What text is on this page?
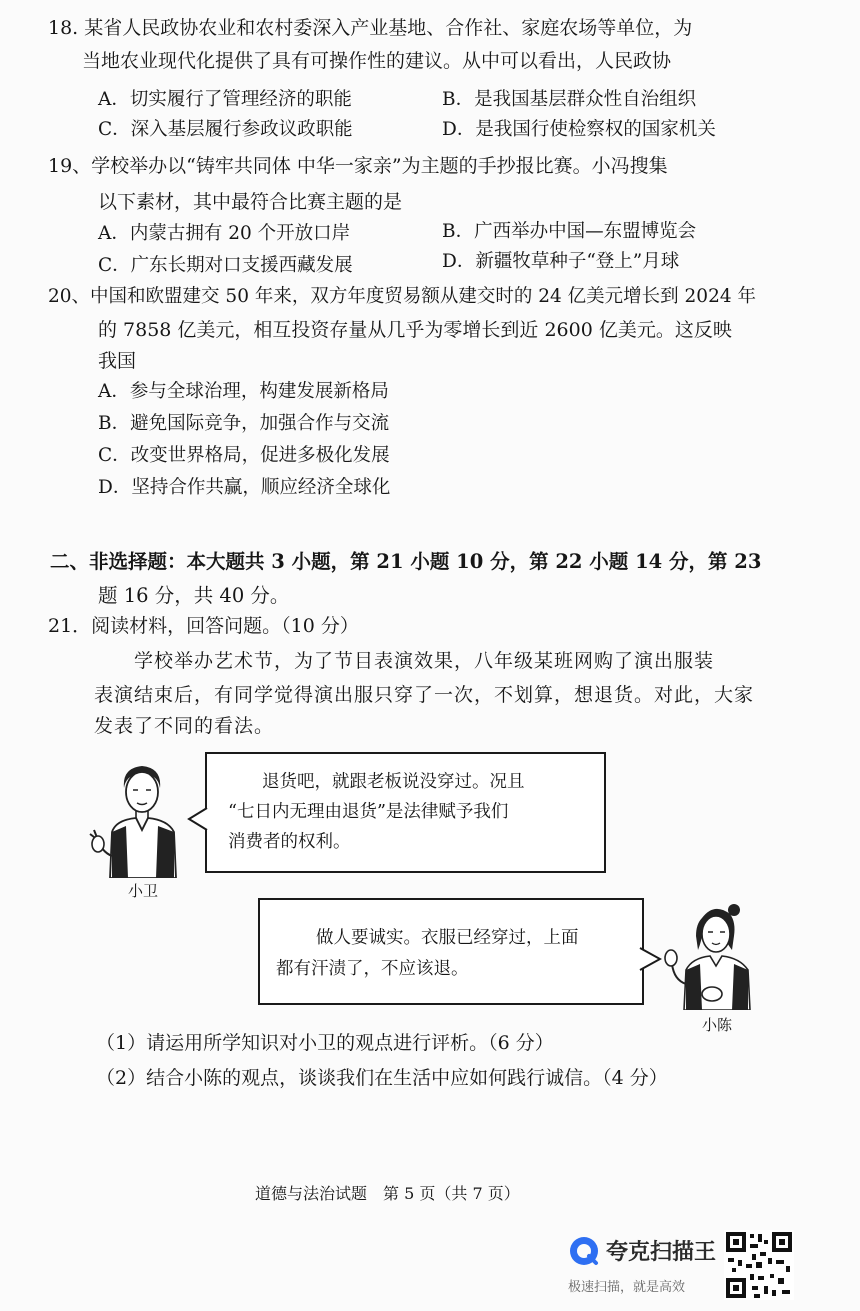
18. 某省人民政协农业和农村委深入产业基地、合作社、家庭农场等单位，为
当地农业现代化提供了具有可操作性的建议。从中可以看出，人民政协
A．切实履行了管理经济的职能	B．是我国基层群众性自治组织
C．深入基层履行参政议政职能	D．是我国行使检察权的国家机关
19、学校举办以“铸牢共同体 中华一家亲”为主题的手抄报比赛。小冯搜集
以下素材，其中最符合比赛主题的是
A．内蒙古拥有 20 个开放口岸	B．广西举办中国—东盟博览会
C．广东长期对口支援西藏发展	D．新疆牧草种子“登上”月球
20、中国和欧盟建交 50 年来，双方年度贸易额从建交时的 24 亿美元增长到 2024 年
的 7858 亿美元，相互投资存量从几乎为零增长到近 2600 亿美元。这反映
我国
A．参与全球治理，构建发展新格局
B．避免国际竞争，加强合作与交流
C．改变世界格局，促进多极化发展
D．坚持合作共赢，顺应经济全球化
二、非选择题：本大题共 3 小题，第 21 小题 10 分，第 22 小题 14 分，第 23
题 16 分，共 40 分。
21．阅读材料，回答问题。（10 分）
学校举办艺术节，为了节目表演效果，八年级某班网购了演出服装
表演结束后，有同学觉得演出服只穿了一次，不划算，想退货。对此，大家
发表了不同的看法。
小卫
退货吧，就跟老板说没穿过。况且
“七日内无理由退货”是法律赋予我们
消费者的权利。
做人要诚实。衣服已经穿过，上面
都有汗渍了，不应该退。
小陈
（1）请运用所学知识对小卫的观点进行评析。（6 分）
（2）结合小陈的观点，谈谈我们在生活中应如何践行诚信。（4 分）
道德与法治试题　第 5 页（共 7 页）
夸克扫描王
极速扫描，就是高效
